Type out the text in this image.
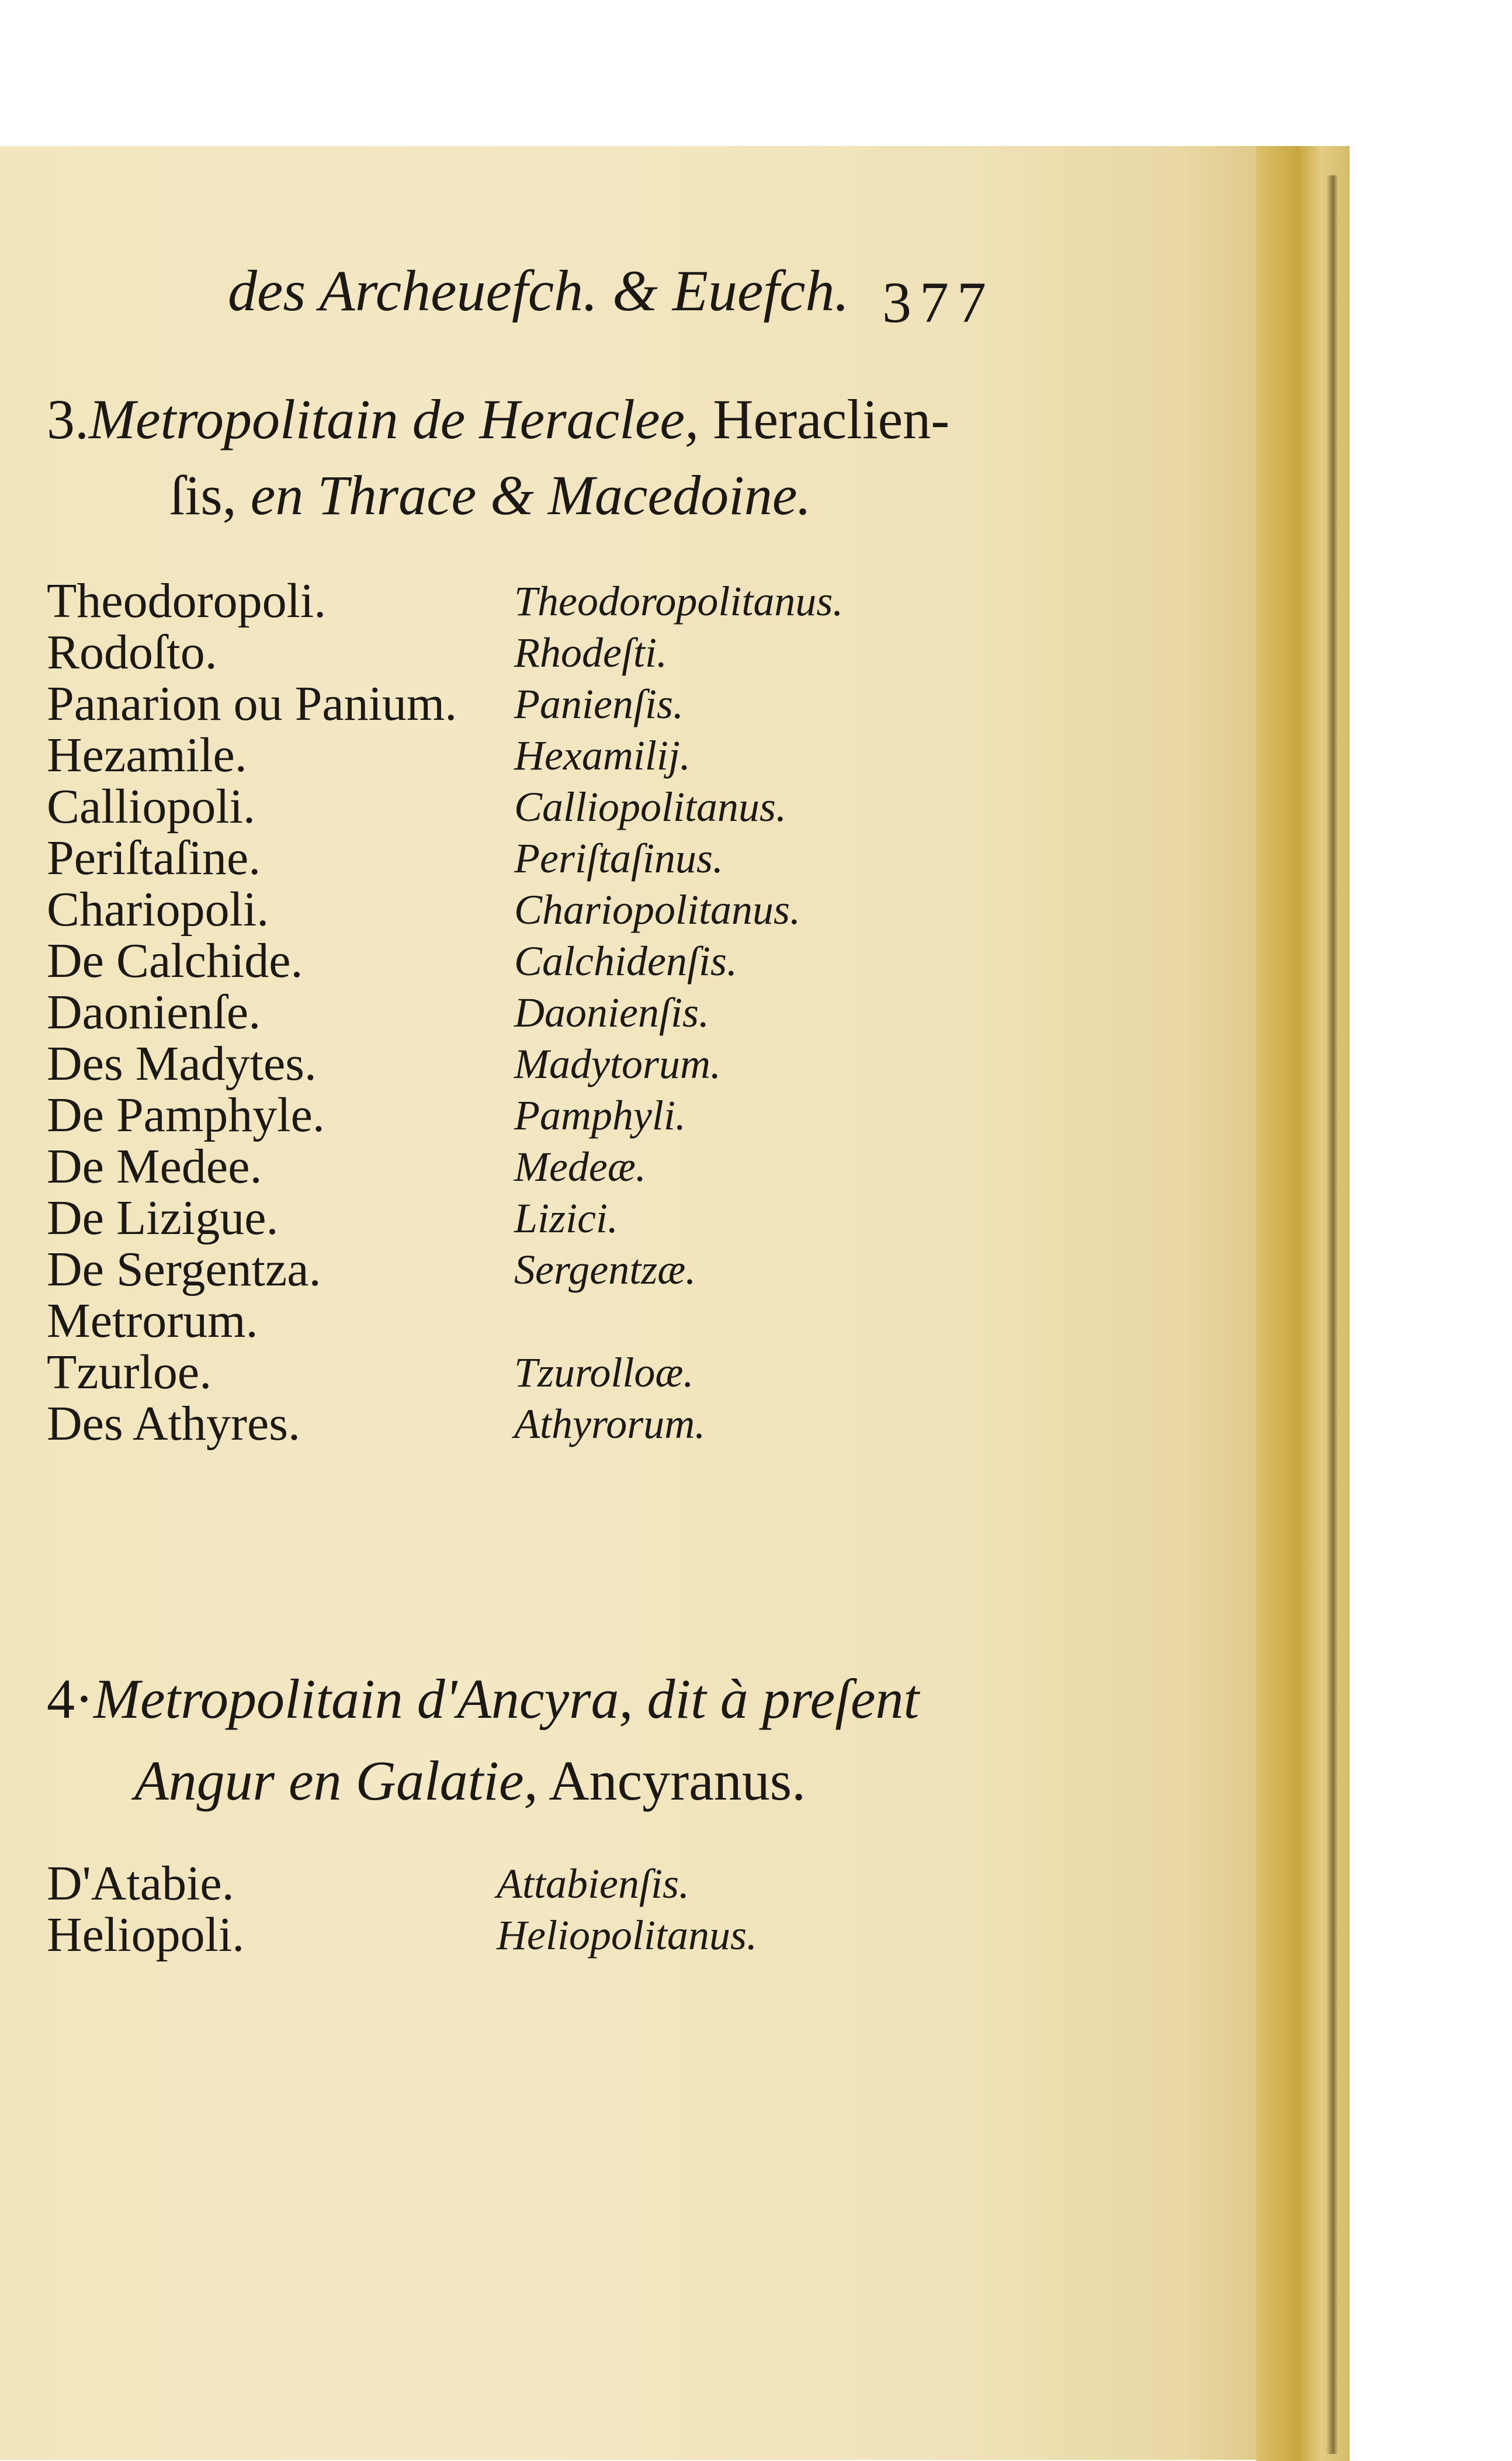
des Archeuefch. & Euefch. 377
3.Metropolitain de Heraclee, Heraclien-
ſis, en Thrace & Macedoine.
Theodoropoli.	Theodoropolitanus.
Rodoſto.	Rhodeſti.
Panarion ou Panium. Panienſis.
Hezamile.	Hexamilij.
Calliopoli.	Calliopolitanus.
Periſtaſine.	Periſtaſinus.
Chariopoli.	Chariopolitanus.
De Calchide.	Calchidenſis.
Daonienſe.	Daonienſis.
Des Madytes.	Madytorum.
De Pamphyle.	Pamphyli.
De Medee.	Medeæ.
De Lizigue.	Lizici.
De Sergentza.	Sergentzæ.
Metrorum.
Tzurloe.	Tzurolloæ.
Des Athyres.	Athyrorum.
4·Metropolitain d'Ancyra, dit à preſent
Angur en Galatie, Ancyranus.
D'Atabie.	Attabienſis.
Heliopoli.	Heliopolitanus.
